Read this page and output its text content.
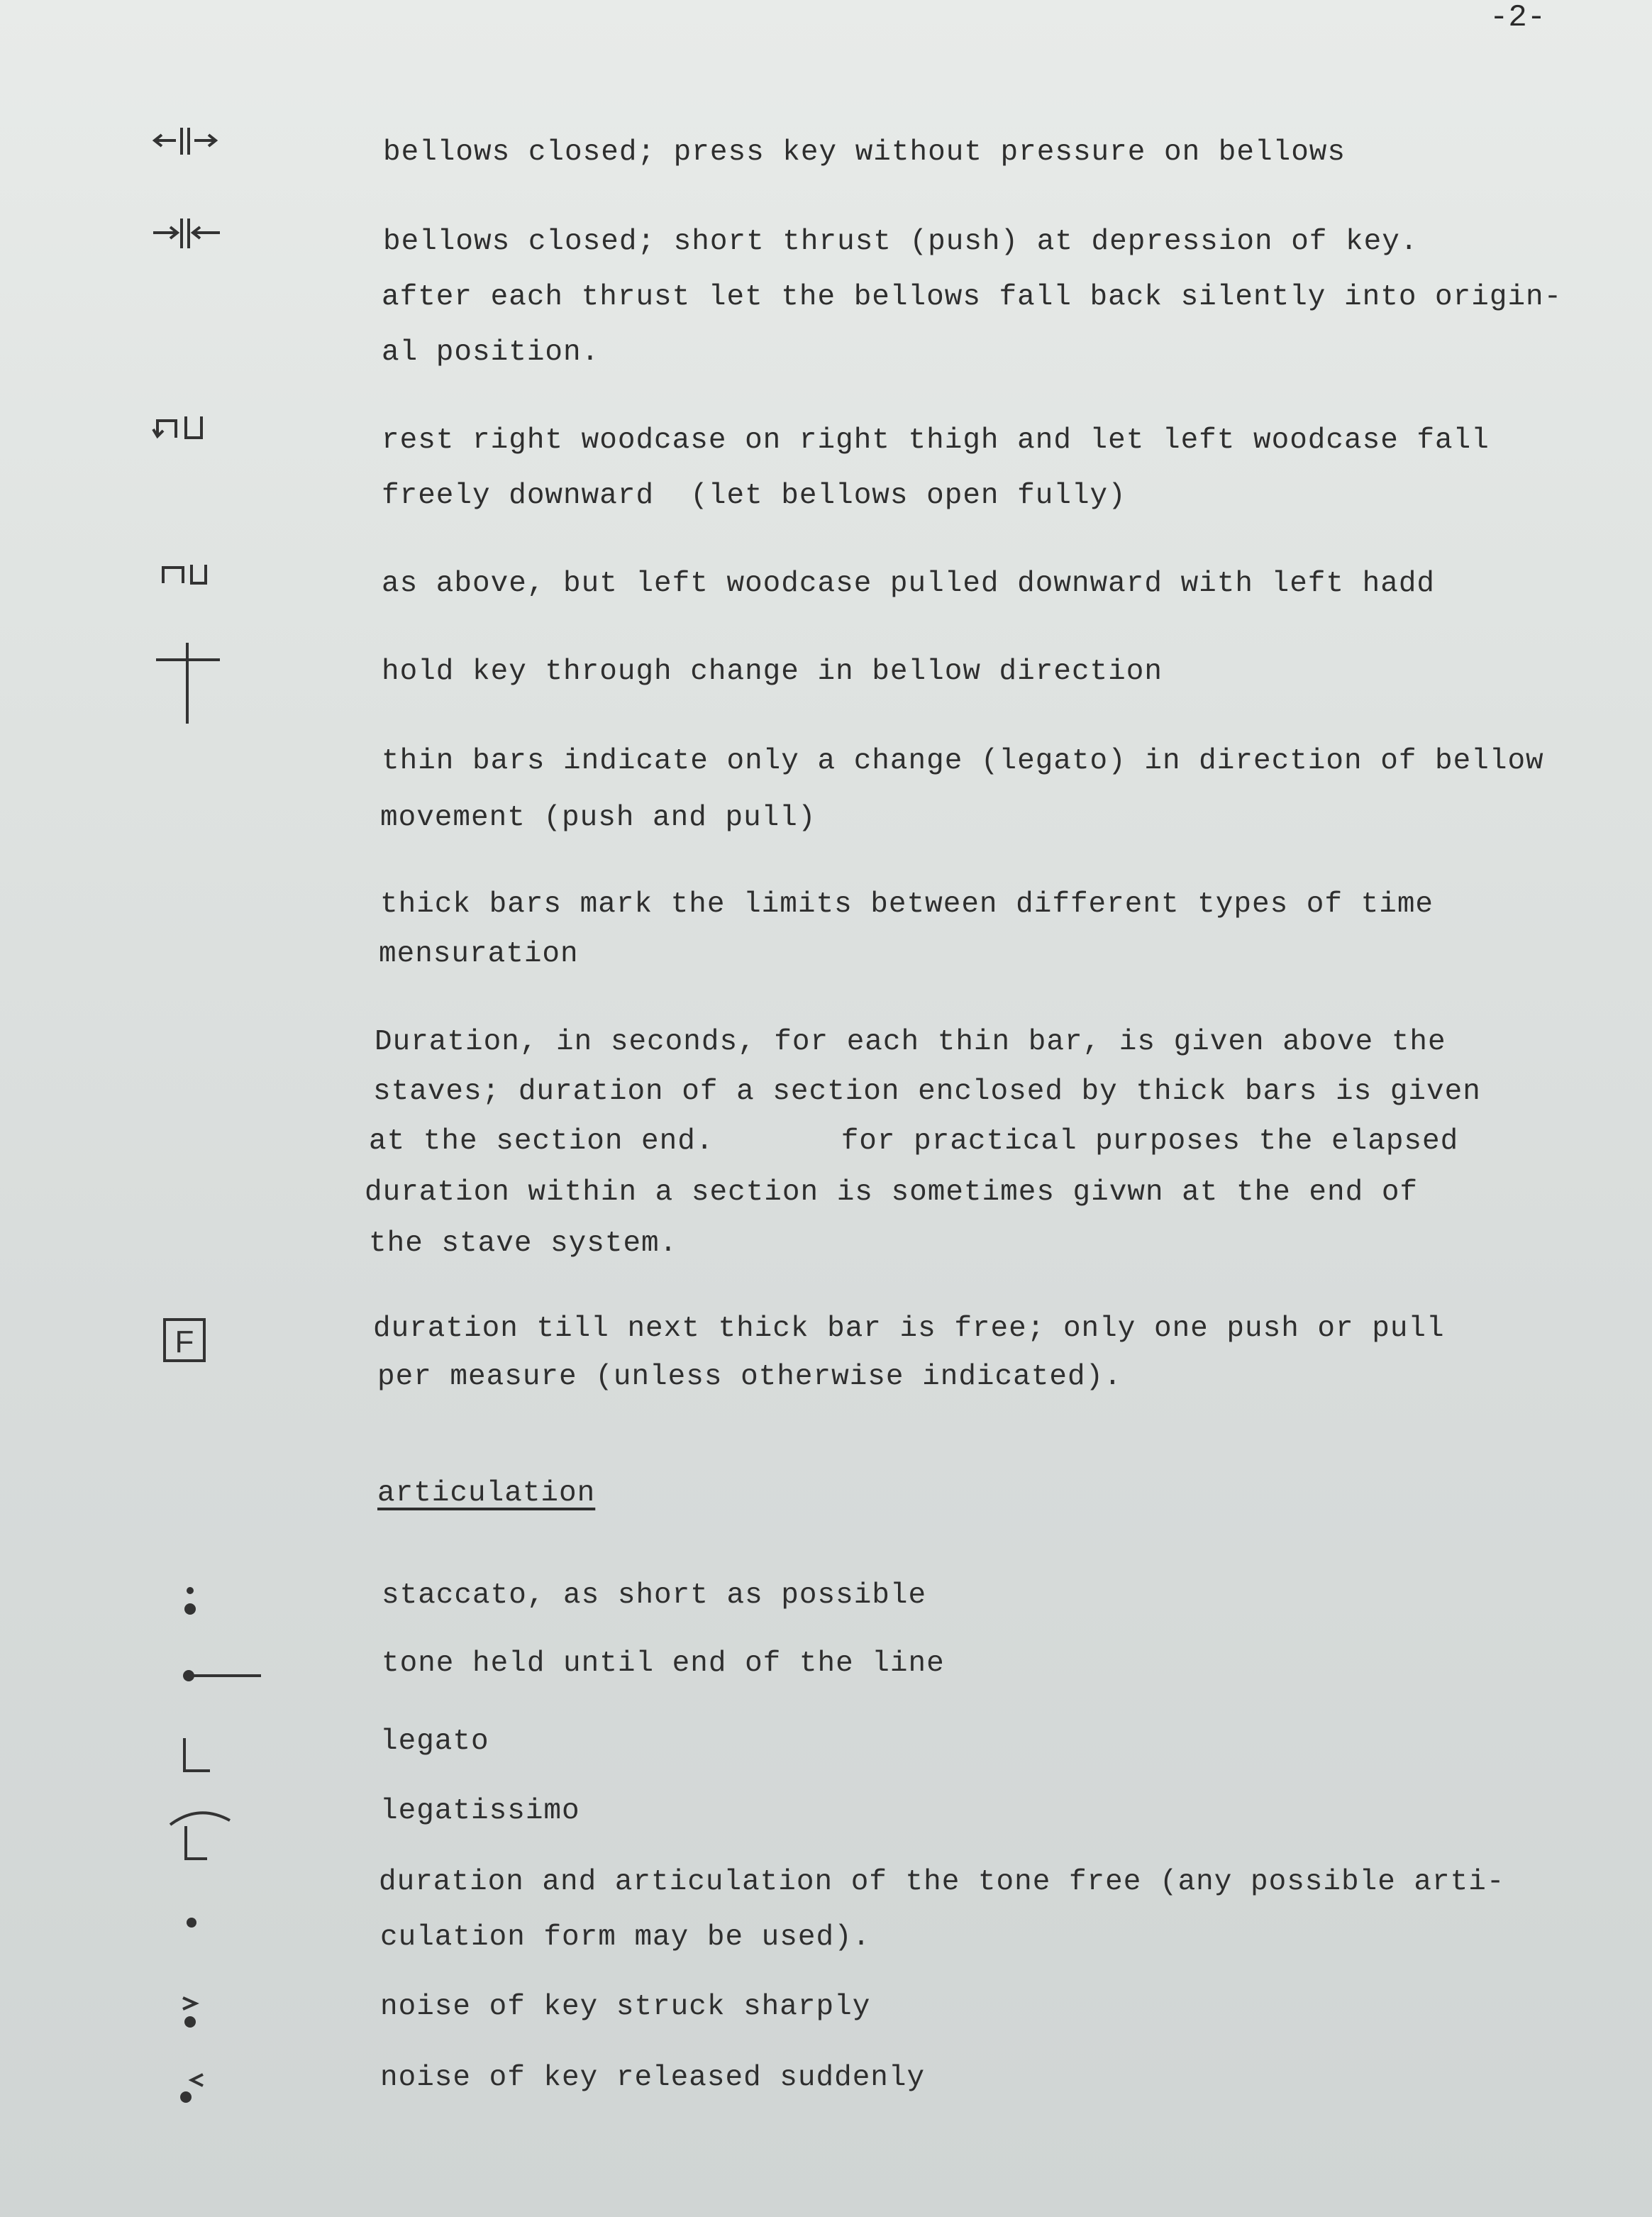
-2-
F
bellows closed; press key without pressure on bellows
bellows closed; short thrust (push) at depression of key.
after each thrust let the bellows fall back silently into origin-
al position.
rest right woodcase on right thigh and let left woodcase fall
freely downward  (let bellows open fully)
as above, but left woodcase pulled downward with left hadd
hold key through change in bellow direction
thin bars indicate only a change (legato) in direction of bellow
movement (push and pull)
thick bars mark the limits between different types of time
mensuration
Duration, in seconds, for each thin bar, is given above the
staves; duration of a section enclosed by thick bars is given
at the section end.       for practical purposes the elapsed
duration within a section is sometimes givwn at the end of
the stave system.
duration till next thick bar is free; only one push or pull
per measure (unless otherwise indicated).
articulation
staccato, as short as possible
tone held until end of the line
legato
legatissimo
duration and articulation of the tone free (any possible arti-
culation form may be used).
noise of key struck sharply
noise of key released suddenly
